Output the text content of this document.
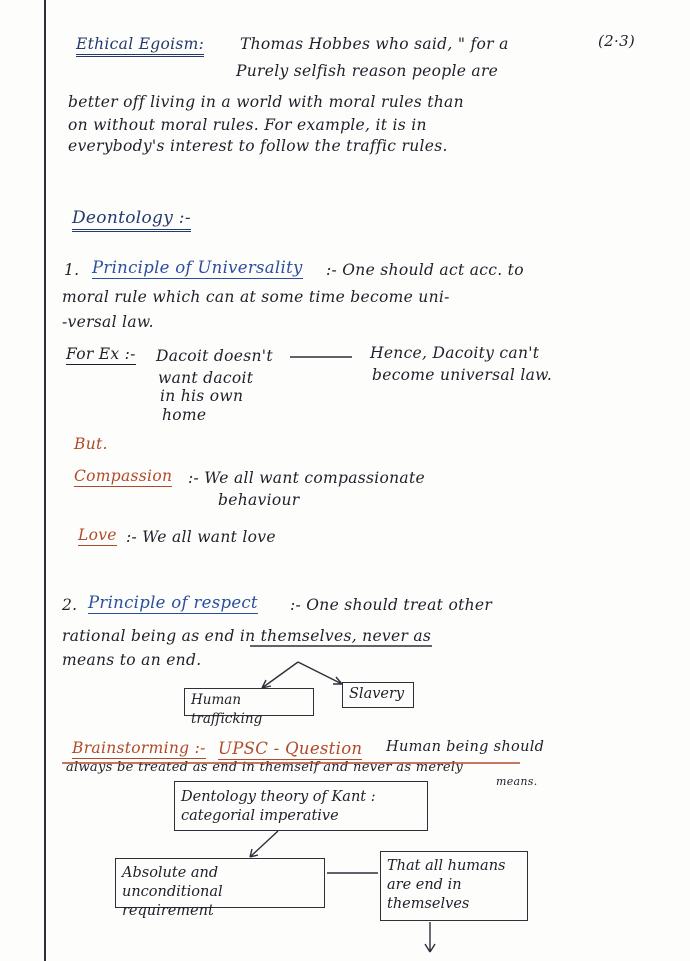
(2·3)
Ethical Egoism: Thomas Hobbes who said, " for a
Purely selfish reason people are
better off living in a world with moral rules than
on without moral rules. For example, it is in
everybody's interest to follow the traffic rules.
Deontology :-
1. Principle of Universality :- One should act acc. to
moral rule which can at some time become uni-
-versal law.
For Ex :- Dacoit doesn't
want dacoit
in his own
home
Hence, Dacoity can't
become universal law.
But.
Compassion :- We all want compassionate
behaviour
Love :- We all want love
2. Principle of respect :- One should treat other
rational being as end in themselves, never as
means to an end.
Human trafficking
Slavery
Brainstorming :- UPSC - Question Human being should
always be treated as end in themself and never as merely
means.
Dentology theory of Kant :
categorial imperative
Absolute and unconditional
requirement
That all humans
are end in
themselves
